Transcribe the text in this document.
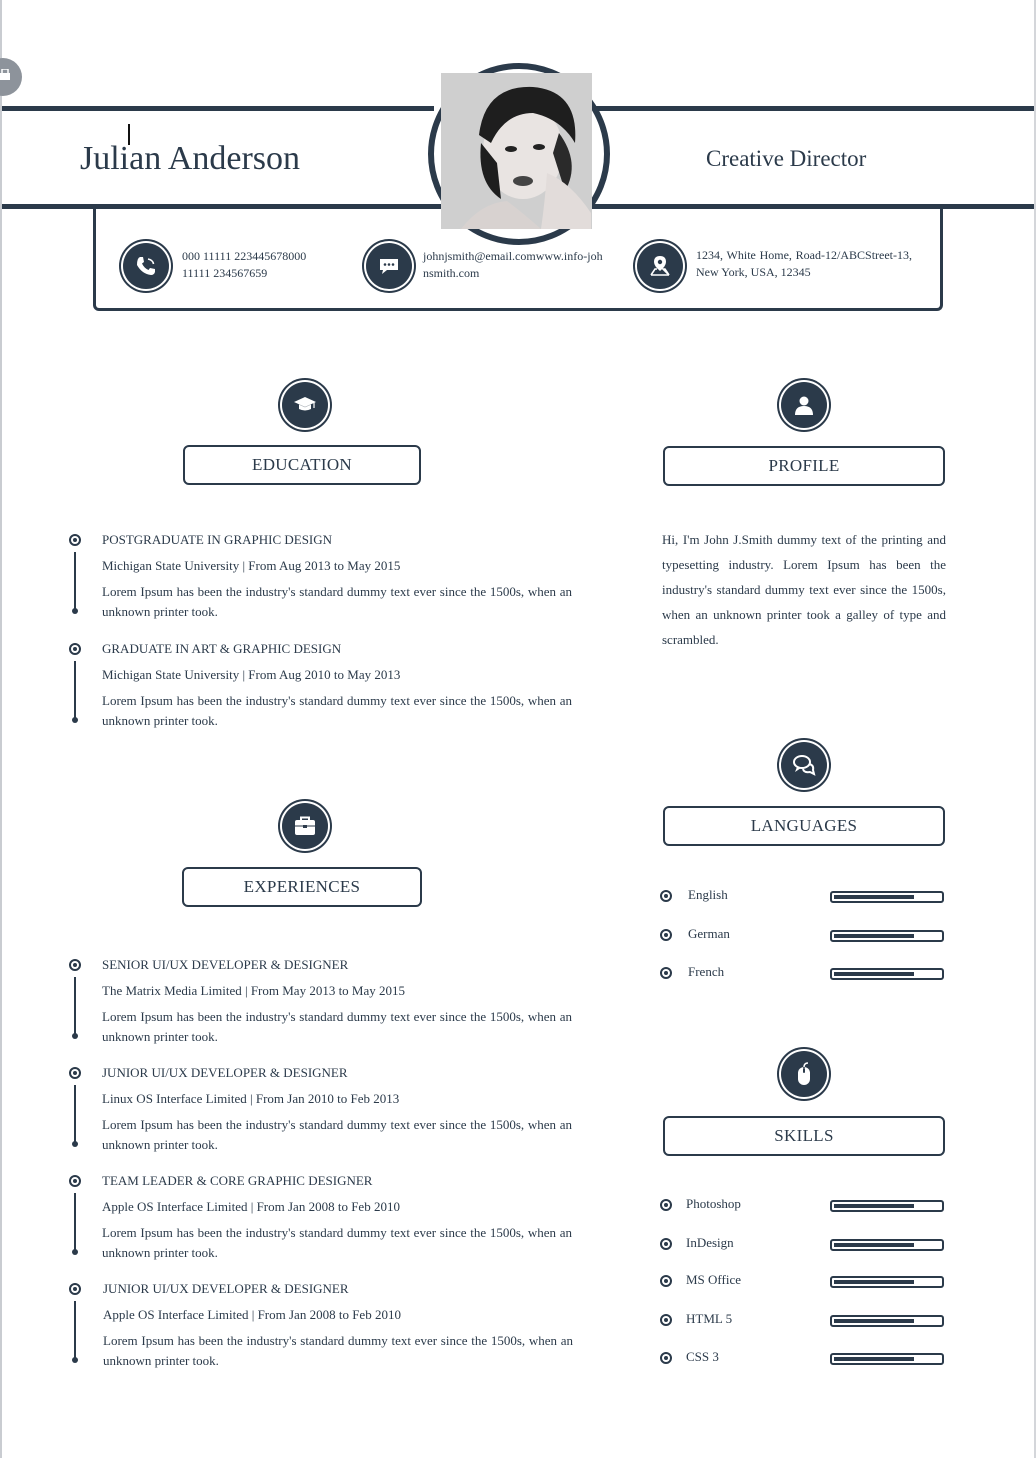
Julian Anderson	Creative Director
000 11111 223445678000 11111 234567659
johnjsmith@email.comwww.info-johnsmith.com
1234, White Home, Road-12/ABCStreet-13, New York, USA, 12345
EDUCATION
POSTGRADUATE IN GRAPHIC DESIGN
Michigan State University | From Aug 2013 to May 2015
Lorem Ipsum has been the industry's standard dummy text ever since the 1500s, when an unknown printer took.
GRADUATE IN ART & GRAPHIC DESIGN
Michigan State University | From Aug 2010 to May 2013
Lorem Ipsum has been the industry's standard dummy text ever since the 1500s, when an unknown printer took.
PROFILE
Hi, I'm John J.Smith dummy text of the printing and typesetting industry. Lorem Ipsum has been the industry's standard dummy text ever since the 1500s, when an unknown printer took a galley of type and scrambled.
LANGUAGES
English
German
French
EXPERIENCES
SENIOR UI/UX DEVELOPER & DESIGNER
The Matrix Media Limited | From May 2013 to May 2015
Lorem Ipsum has been the industry's standard dummy text ever since the 1500s, when an unknown printer took.
JUNIOR UI/UX DEVELOPER & DESIGNER
Linux OS Interface Limited | From Jan 2010 to Feb 2013
Lorem Ipsum has been the industry's standard dummy text ever since the 1500s, when an unknown printer took.
TEAM LEADER & CORE GRAPHIC DESIGNER
Apple OS Interface Limited | From Jan 2008 to Feb 2010
Lorem Ipsum has been the industry's standard dummy text ever since the 1500s, when an unknown printer took.
JUNIOR UI/UX DEVELOPER & DESIGNER
Apple OS Interface Limited | From Jan 2008 to Feb 2010
Lorem Ipsum has been the industry's standard dummy text ever since the 1500s, when an unknown printer took.
SKILLS
Photoshop
InDesign
MS Office
HTML 5
CSS 3
